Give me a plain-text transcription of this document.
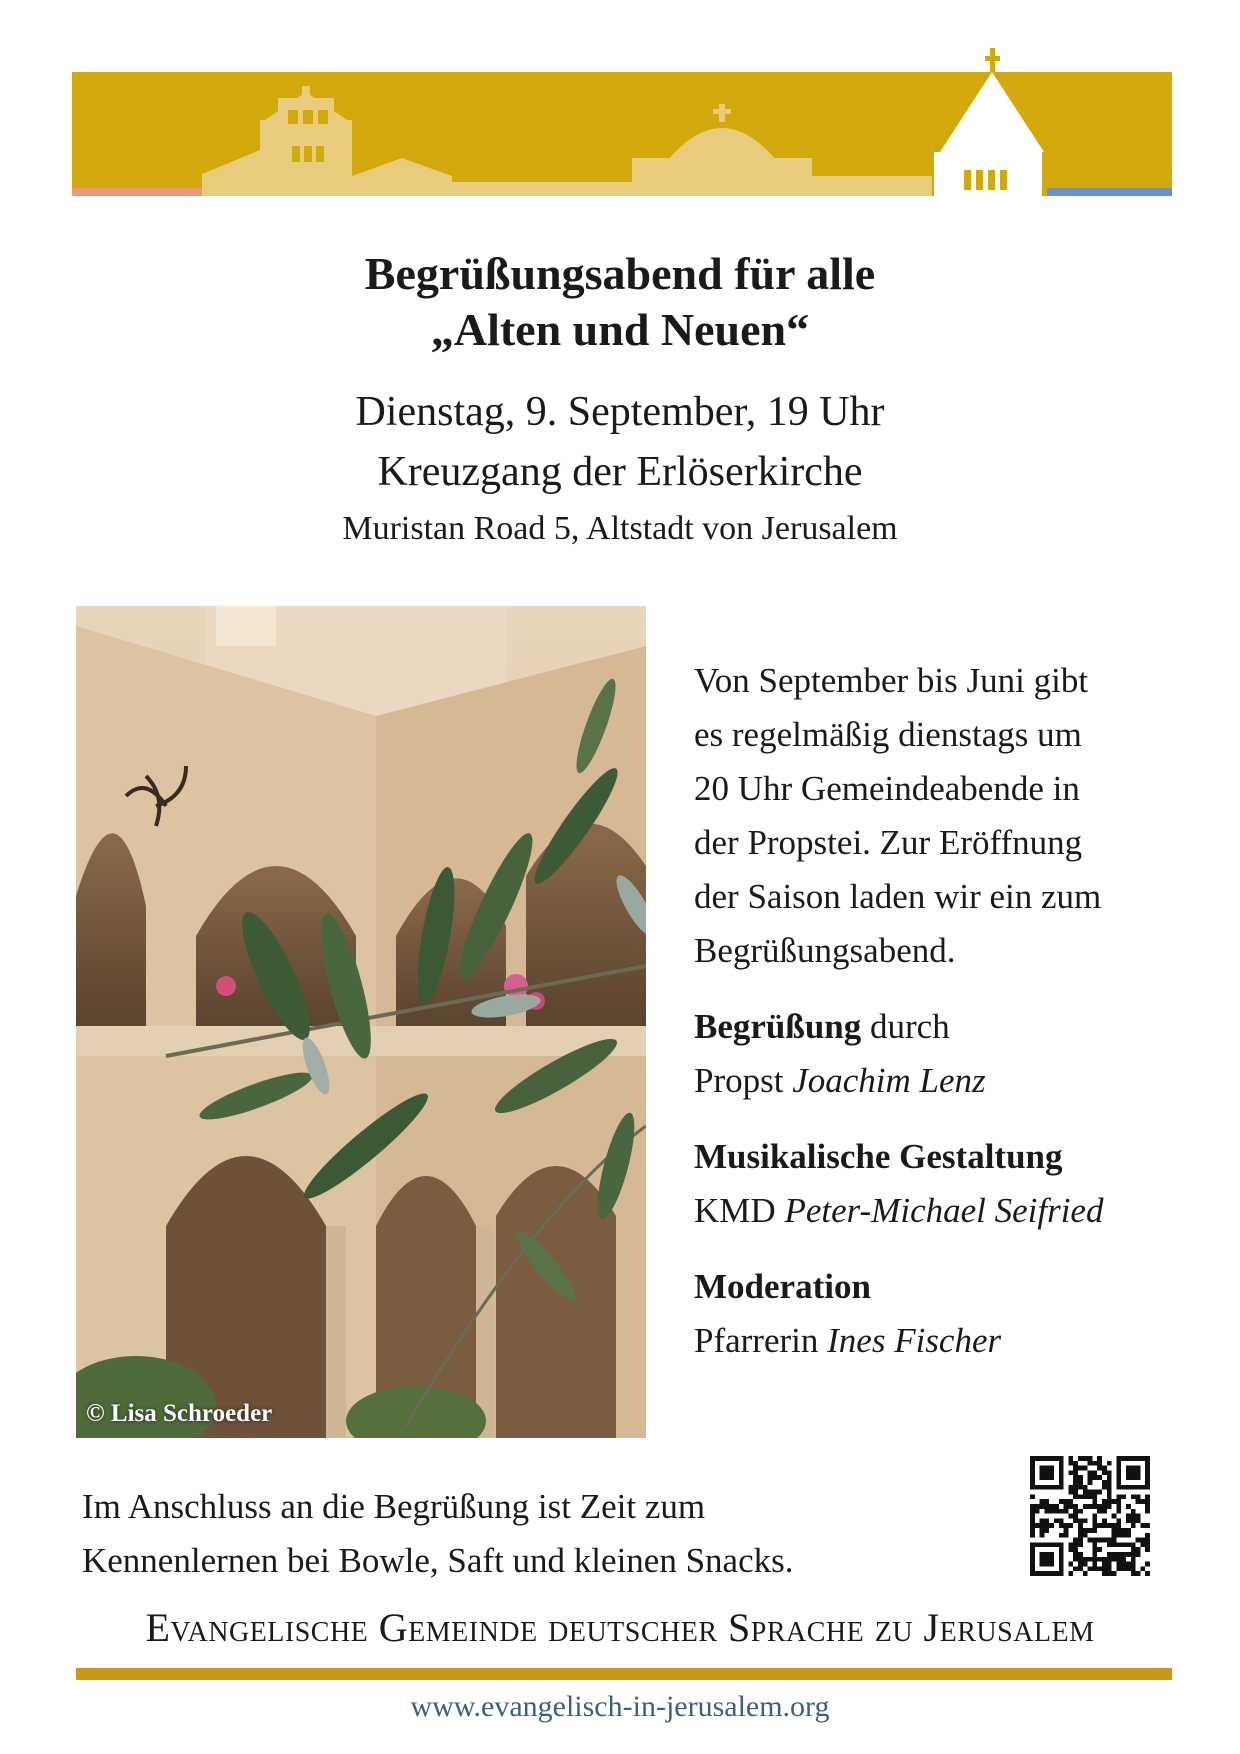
Begrüßungsabend für alle
„Alten und Neuen“
Dienstag, 9. September, 19 Uhr
Kreuzgang der Erlöserkirche
Muristan Road 5, Altstadt von Jerusalem
© Lisa Schroeder

Von September bis Juni gibt

es regelmäßig dienstags um

20 Uhr Gemeindeabende in

der Propstei. Zur Eröffnung

der Saison laden wir ein zum

Begrüßungsabend.

Begrüßung durch
Propst Joachim Lenz
Musikalische Gestaltung
KMD Peter-Michael Seifried
Moderation
Pfarrerin Ines Fischer
Im Anschluss an die Begrüßung ist Zeit zum
Kennenlernen bei Bowle, Saft und kleinen Snacks.
Evangelische Gemeinde deutscher Sprache zu Jerusalem
www.evangelisch-in-jerusalem.org
